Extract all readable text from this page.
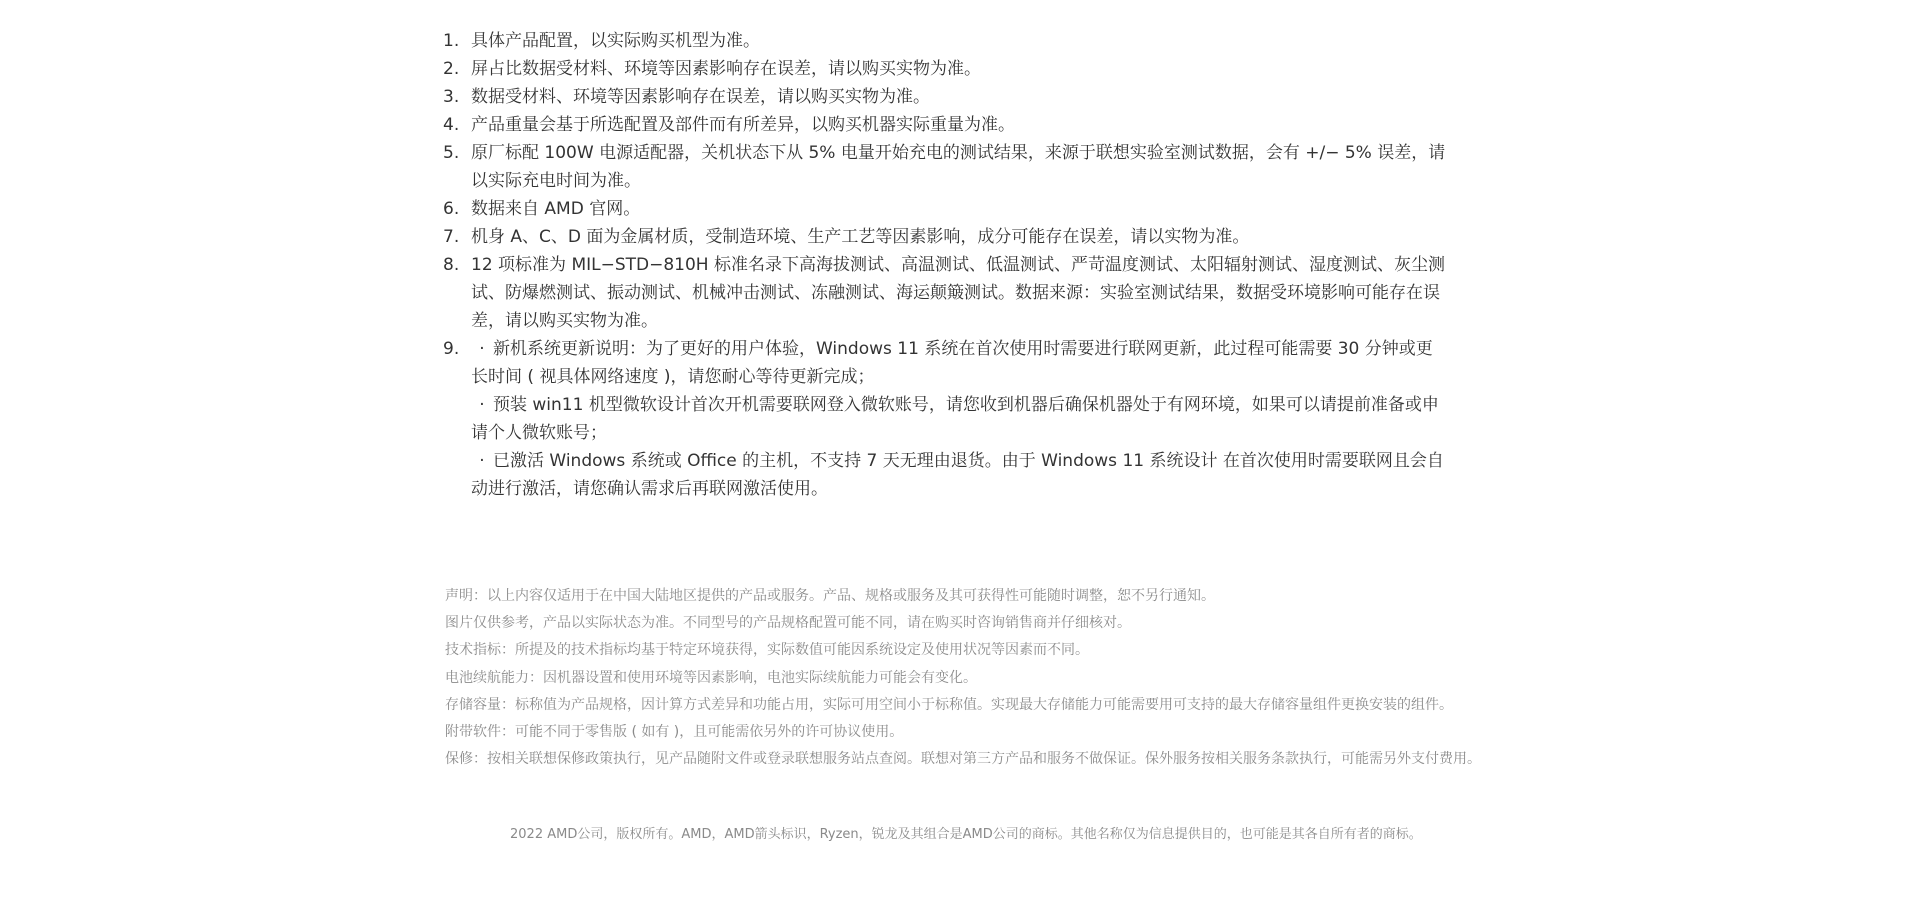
1. 具体产品配置，以实际购买机型为准。
2. 屏占比数据受材料、环境等因素影响存在误差，请以购买实物为准。
3. 数据受材料、环境等因素影响存在误差，请以购买实物为准。
4. 产品重量会基于所选配置及部件而有所差异，以购买机器实际重量为准。
5. 原厂标配 100W 电源适配器，关机状态下从 5% 电量开始充电的测试结果，来源于联想实验室测试数据，会有 +/− 5% 误差，请
以实际充电时间为准。
6. 数据来自 AMD 官网。
7. 机身 A、C、D 面为金属材质，受制造环境、生产工艺等因素影响，成分可能存在误差，请以实物为准。
8. 12 项标准为 MIL−STD−810H 标准名录下高海拔测试、高温测试、低温测试、严苛温度测试、太阳辐射测试、湿度测试、灰尘测
试、防爆燃测试、振动测试、机械冲击测试、冻融测试、海运颠簸测试。数据来源：实验室测试结果，数据受环境影响可能存在误
差，请以购买实物为准。
9.	· 新机系统更新说明：为了更好的用户体验，Windows 11 系统在首次使用时需要进行联网更新，此过程可能需要 30 分钟或更
长时间 ( 视具体网络速度 )，请您耐心等待更新完成；
· 预装 win11 机型微软设计首次开机需要联网登入微软账号，请您收到机器后确保机器处于有网环境，如果可以请提前准备或申
请个人微软账号；
· 已激活 Windows 系统或 Office 的主机，不支持 7 天无理由退货。由于 Windows 11 系统设计 在首次使用时需要联网且会自
动进行激活，请您确认需求后再联网激活使用。
声明：以上内容仅适用于在中国大陆地区提供的产品或服务。产品、规格或服务及其可获得性可能随时调整，恕不另行通知。
图片仅供参考，产品以实际状态为准。不同型号的产品规格配置可能不同，请在购买时咨询销售商并仔细核对。
技术指标：所提及的技术指标均基于特定环境获得，实际数值可能因系统设定及使用状况等因素而不同。
电池续航能力：因机器设置和使用环境等因素影响，电池实际续航能力可能会有变化。
存储容量：标称值为产品规格，因计算方式差异和功能占用，实际可用空间小于标称值。实现最大存储能力可能需要用可支持的最大存储容量组件更换安装的组件。
附带软件：可能不同于零售版 ( 如有 )，且可能需依另外的许可协议使用。
保修：按相关联想保修政策执行，见产品随附文件或登录联想服务站点查阅。联想对第三方产品和服务不做保证。保外服务按相关服务条款执行，可能需另外支付费用。
2022 AMD公司，版权所有。AMD，AMD箭头标识，Ryzen，锐龙及其组合是AMD公司的商标。其他名称仅为信息提供目的，也可能是其各自所有者的商标。
